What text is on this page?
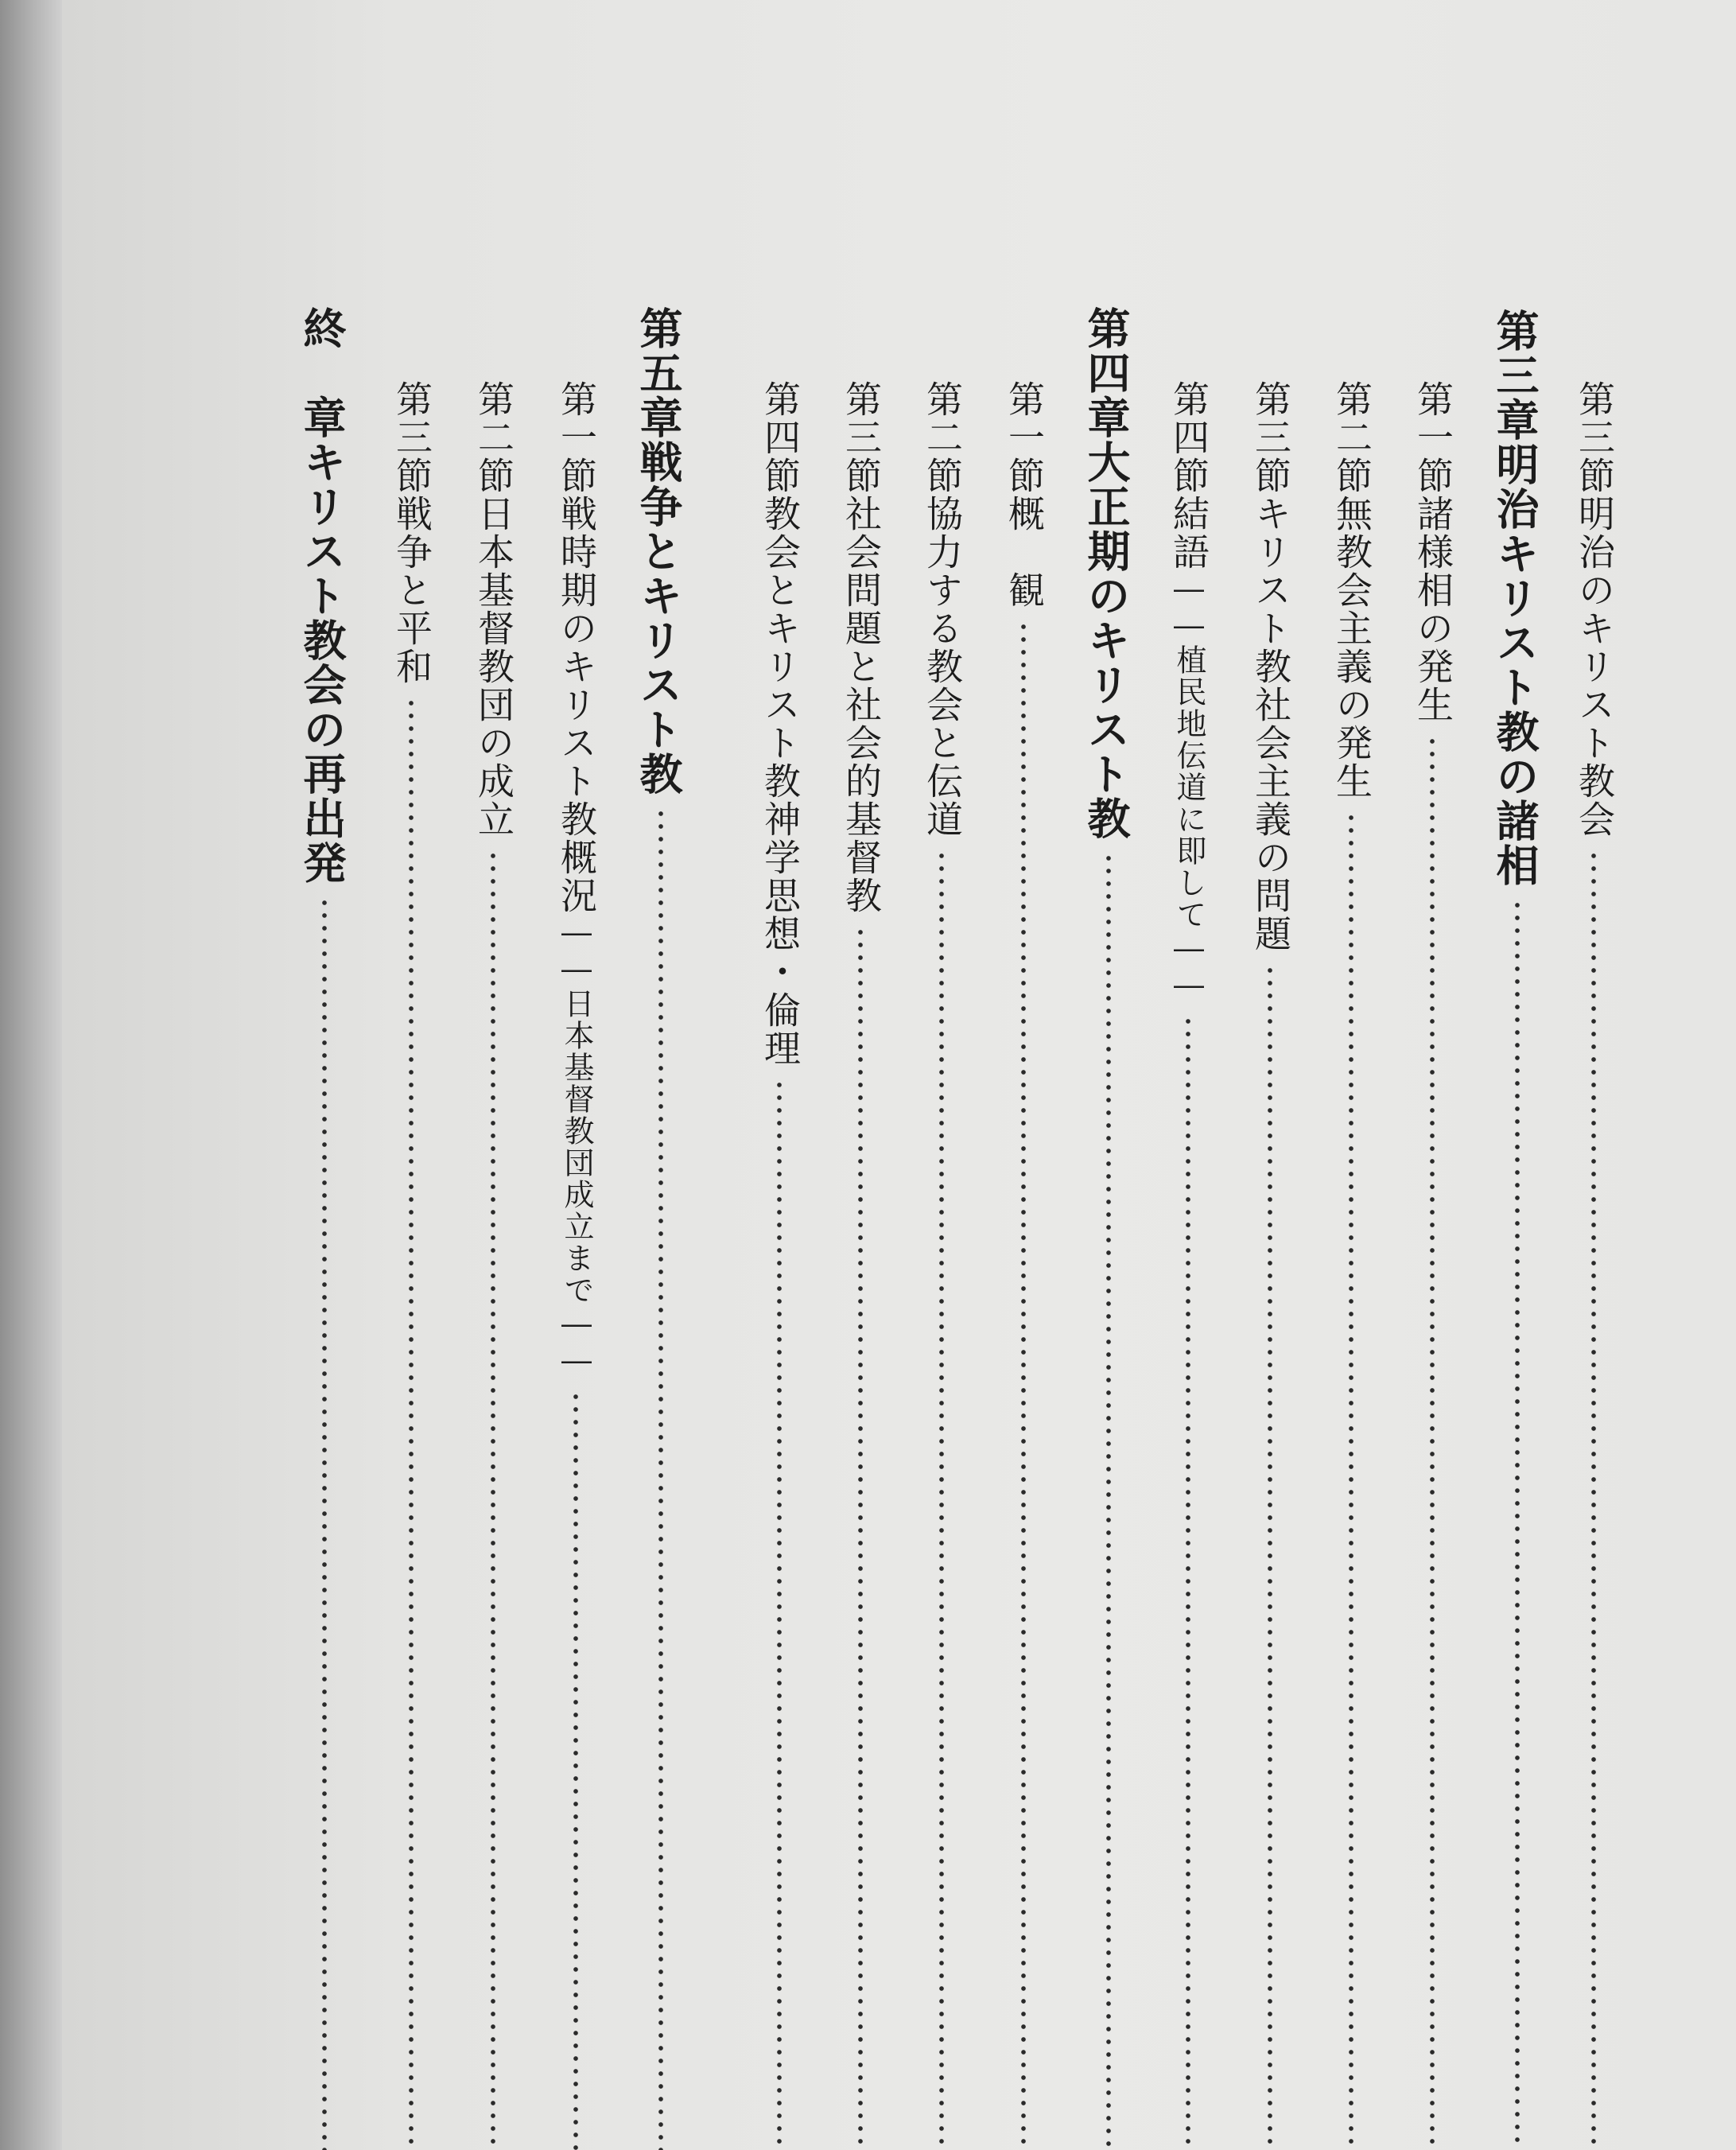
第三節明治のキリスト教会
第三章明治キリスト教の諸相
第一節諸様相の発生
第二節無教会主義の発生
第三節キリスト教社会主義の問題
第四節結語――植民地伝道に即して――
第四章大正期のキリスト教
第一節概　観
第二節協力する教会と伝道
第三節社会問題と社会的基督教
第四節教会とキリスト教神学思想・倫理
第五章戦争とキリスト教
第一節戦時期のキリスト教概況――日本基督教団成立まで――
第二節日本基督教団の成立
第三節戦争と平和
終　章キリスト教会の再出発
